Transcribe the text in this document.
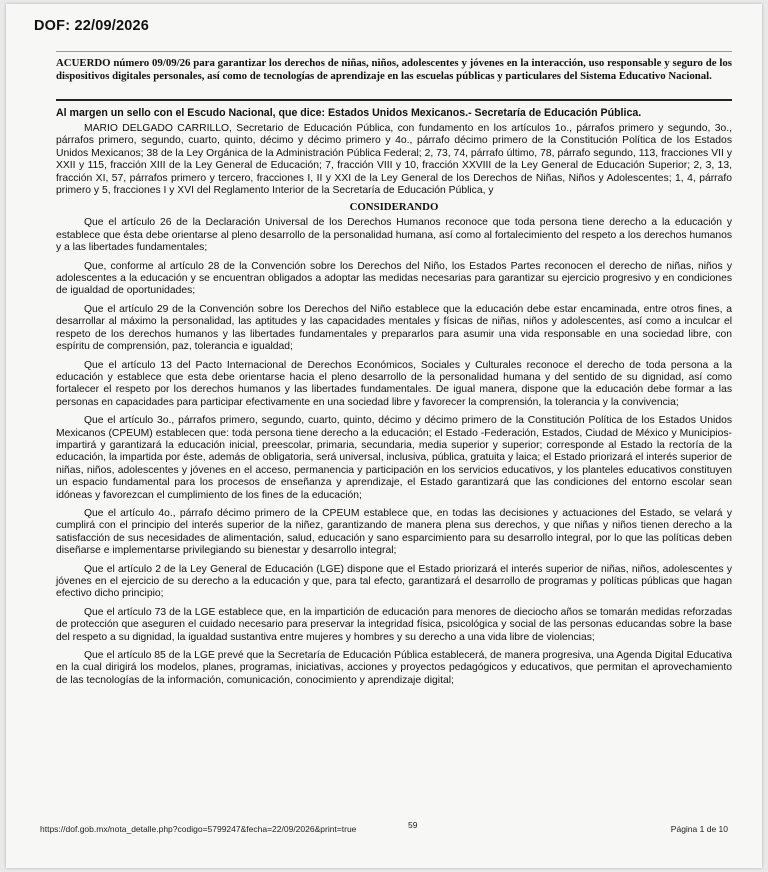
DOF: 22/09/2026
ACUERDO número 09/09/26 para garantizar los derechos de niñas, niños, adolescentes y jóvenes en la interacción, uso responsable y seguro de los dispositivos digitales personales, así como de tecnologías de aprendizaje en las escuelas públicas y particulares del Sistema Educativo Nacional.
Al margen un sello con el Escudo Nacional, que dice: Estados Unidos Mexicanos.- Secretaría de Educación Pública.

MARIO DELGADO CARRILLO, Secretario de Educación Pública, con fundamento en los artículos 1o., párrafos primero y segundo, 3o., párrafos primero, segundo, cuarto, quinto, décimo y décimo primero y 4o., párrafo décimo primero de la Constitución Política de los Estados Unidos Mexicanos; 38 de la Ley Orgánica de la Administración Pública Federal; 2, 73, 74, párrafo último, 78, párrafo segundo, 113, fracciones VII y XXII y 115, fracción XIII de la Ley General de Educación; 7, fracción VIII y 10, fracción XXVIII de la Ley General de Educación Superior; 2, 3, 13, fracción XI, 57, párrafos primero y tercero, fracciones I, II y XXI de la Ley General de los Derechos de Niñas, Niños y Adolescentes; 1, 4, párrafo primero y 5, fracciones I y XVI del Reglamento Interior de la Secretaría de Educación Pública, y

CONSIDERANDO

Que el artículo 26 de la Declaración Universal de los Derechos Humanos reconoce que toda persona tiene derecho a la educación y establece que ésta debe orientarse al pleno desarrollo de la personalidad humana, así como al fortalecimiento del respeto a los derechos humanos y a las libertades fundamentales;

Que, conforme al artículo 28 de la Convención sobre los Derechos del Niño, los Estados Partes reconocen el derecho de niñas, niños y adolescentes a la educación y se encuentran obligados a adoptar las medidas necesarias para garantizar su ejercicio progresivo y en condiciones de igualdad de oportunidades;

Que el artículo 29 de la Convención sobre los Derechos del Niño establece que la educación debe estar encaminada, entre otros fines, a desarrollar al máximo la personalidad, las aptitudes y las capacidades mentales y físicas de niñas, niños y adolescentes, así como a inculcar el respeto de los derechos humanos y las libertades fundamentales y prepararlos para asumir una vida responsable en una sociedad libre, con espíritu de comprensión, paz, tolerancia e igualdad;

Que el artículo 13 del Pacto Internacional de Derechos Económicos, Sociales y Culturales reconoce el derecho de toda persona a la educación y establece que esta debe orientarse hacia el pleno desarrollo de la personalidad humana y del sentido de su dignidad, así como fortalecer el respeto por los derechos humanos y las libertades fundamentales. De igual manera, dispone que la educación debe formar a las personas en capacidades para participar efectivamente en una sociedad libre y favorecer la comprensión, la tolerancia y la convivencia;

Que el artículo 3o., párrafos primero, segundo, cuarto, quinto, décimo y décimo primero de la Constitución Política de los Estados Unidos Mexicanos (CPEUM) establecen que: toda persona tiene derecho a la educación; el Estado -Federación, Estados, Ciudad de México y Municipios- impartirá y garantizará la educación inicial, preescolar, primaria, secundaria, media superior y superior; corresponde al Estado la rectoría de la educación, la impartida por éste, además de obligatoria, será universal, inclusiva, pública, gratuita y laica; el Estado priorizará el interés superior de niñas, niños, adolescentes y jóvenes en el acceso, permanencia y participación en los servicios educativos, y los planteles educativos constituyen un espacio fundamental para los procesos de enseñanza y aprendizaje, el Estado garantizará que las condiciones del entorno escolar sean idóneas y favorezcan el cumplimiento de los fines de la educación;

Que el artículo 4o., párrafo décimo primero de la CPEUM establece que, en todas las decisiones y actuaciones del Estado, se velará y cumplirá con el principio del interés superior de la niñez, garantizando de manera plena sus derechos, y que niñas y niños tienen derecho a la satisfacción de sus necesidades de alimentación, salud, educación y sano esparcimiento para su desarrollo integral, por lo que las políticas deben diseñarse e implementarse privilegiando su bienestar y desarrollo integral;

Que el artículo 2 de la Ley General de Educación (LGE) dispone que el Estado priorizará el interés superior de niñas, niños, adolescentes y jóvenes en el ejercicio de su derecho a la educación y que, para tal efecto, garantizará el desarrollo de programas y políticas públicas que hagan efectivo dicho principio;

Que el artículo 73 de la LGE establece que, en la impartición de educación para menores de dieciocho años se tomarán medidas reforzadas de protección que aseguren el cuidado necesario para preservar la integridad física, psicológica y social de las personas educandas sobre la base del respeto a su dignidad, la igualdad sustantiva entre mujeres y hombres y su derecho a una vida libre de violencias;

Que el artículo 85 de la LGE prevé que la Secretaría de Educación Pública establecerá, de manera progresiva, una Agenda Digital Educativa en la cual dirigirá los modelos, planes, programas, iniciativas, acciones y proyectos pedagógicos y educativos, que permitan el aprovechamiento de las tecnologías de la información, comunicación, conocimiento y aprendizaje digital;

https://dof.gob.mx/nota_detalle.php?codigo=5799247&fecha=22/09/2026&print=true	59	Página 1 de 10
